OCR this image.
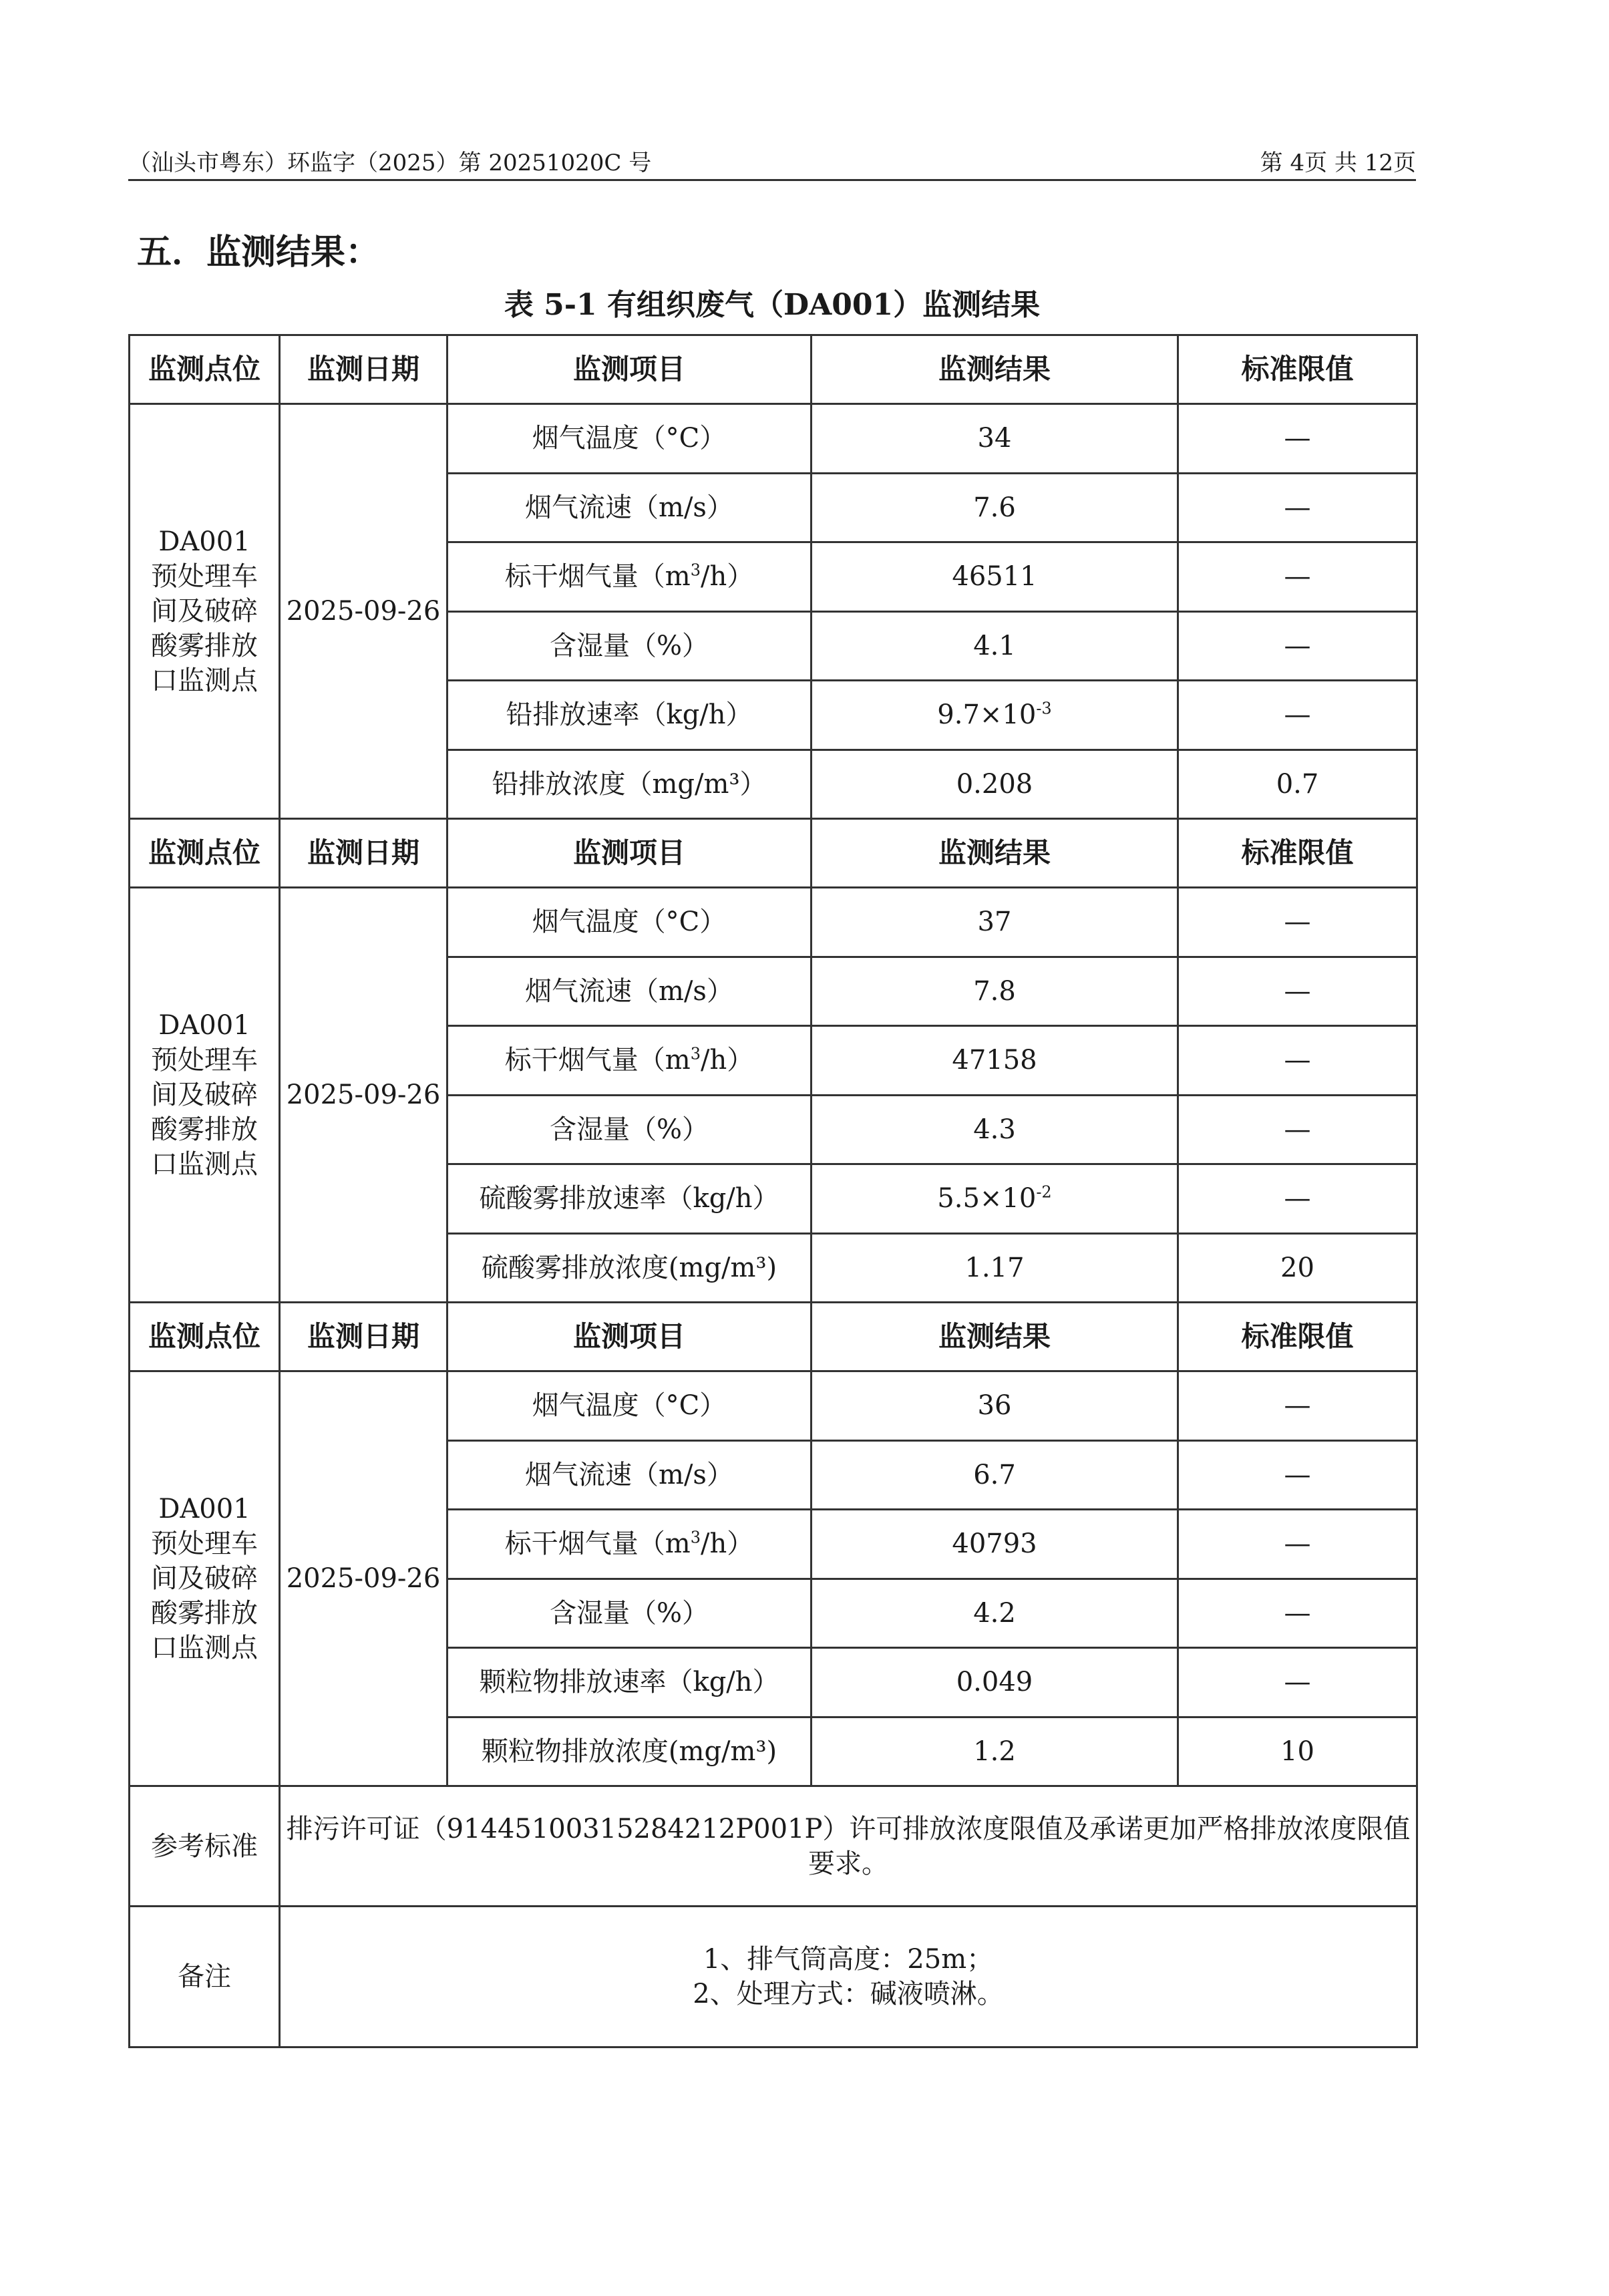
（汕头市粤东）环监字（2025）第 20251020C 号	第 4页 共 12页
五．监测结果：
表 5-1 有组织废气（DA001）监测结果
监测点位	监测日期	监测项目	监测结果	标准限值

DA001
预处理车
间及破碎
酸雾排放
口监测点	2025-09-26	烟气温度（°C）	34	—
		烟气流速（m/s）	7.6	—
		标干烟气量$(m^3/h)$	46511	—
		含湿量（%）	4.1	—
		铅排放速率（kg/h）	$9.7\times 10^{-3}$	—
		铅排放浓度（mg/m³）	0.208	0.7
监测点位	监测日期	监测项目	监测结果	标准限值

DA001
预处理车
间及破碎
酸雾排放
口监测点	2025-09-26	烟气温度（°C）	37	—
		烟气流速（m/s）	7.8	—
		标干烟气量$(m^3/h)$	47158	—
		含湿量（%）	4.3	—
		硫酸雾排放速率（kg/h）	$5.5\times 10^{-2}$	—
		硫酸雾排放浓度(mg/m³)	1.17	20
监测点位	监测日期	监测项目	监测结果	标准限值

DA001
预处理车
间及破碎
酸雾排放
口监测点	2025-09-26	烟气温度（°C）	36	—
		烟气流速（m/s）	6.7	—
		标干烟气量$(m^3/h)$	40793	—
		含湿量（%）	4.2	—
		颗粒物排放速率（kg/h）	0.049	—
		颗粒物排放浓度(mg/m³)	1.2	10
参考标准	排污许可证（91445100315284212P001P）许可排放浓度限值及承诺更加严格排放浓度限值要求。			
备注	1、排气筒高度：25m；
2、处理方式：碱液喷淋。			
